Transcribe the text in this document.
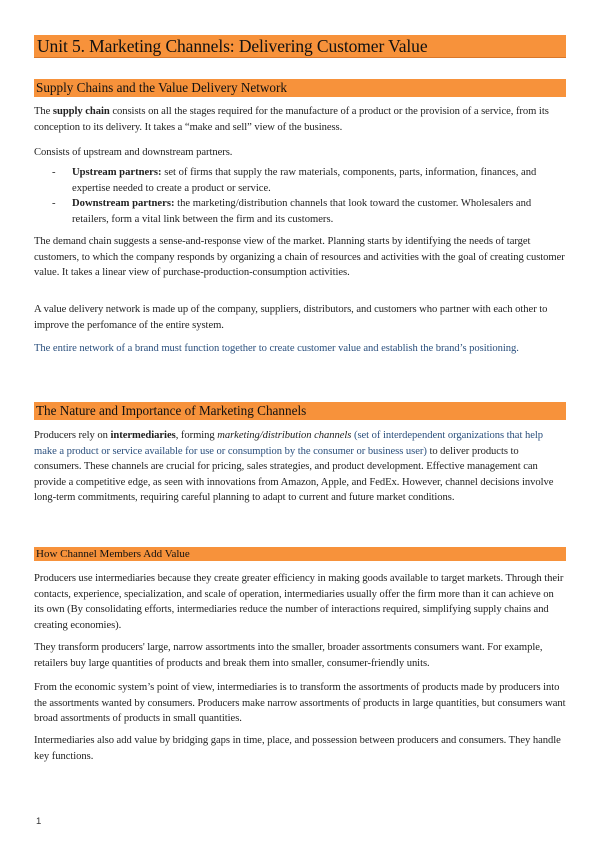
Unit 5. Marketing Channels: Delivering Customer Value
Supply Chains and the Value Delivery Network

The supply chain consists on all the stages required for the manufacture of a product or the provision of a service, from its conception to its delivery. It takes a “make and sell” view of the business.

Consists of upstream and downstream partners.

- Upstream partners: set of firms that supply the raw materials, components, parts, information, finances, and expertise needed to create a product or service.
- Downstream partners: the marketing/distribution channels that look toward the customer. Wholesalers and retailers, form a vital link between the firm and its customers.

The demand chain suggests a sense-and-response view of the market. Planning starts by identifying the needs of target customers, to which the company responds by organizing a chain of resources and activities with the goal of creating customer value. It takes a linear view of purchase-production-consumption activities.

A value delivery network is made up of the company, suppliers, distributors, and customers who partner with each other to improve the perfomance of the entire system.

The entire network of a brand must function together to create customer value and establish the brand’s positioning.

The Nature and Importance of Marketing Channels

Producers rely on intermediaries, forming marketing/distribution channels (set of interdependent organizations that help make a product or service available for use or consumption by the consumer or business user) to deliver products to consumers. These channels are crucial for pricing, sales strategies, and product development. Effective management can provide a competitive edge, as seen with innovations from Amazon, Apple, and FedEx. However, channel decisions involve long-term commitments, requiring careful planning to adapt to current and future market conditions.

How Channel Members Add Value

Producers use intermediaries because they create greater efficiency in making goods available to target markets. Through their contacts, experience, specialization, and scale of operation, intermediaries usually offer the firm more than it can achieve on its own (By consolidating efforts, intermediaries reduce the number of interactions required, simplifying supply chains and creating economies).

They transform producers' large, narrow assortments into the smaller, broader assortments consumers want. For example, retailers buy large quantities of products and break them into smaller, consumer-friendly units.

From the economic system’s point of view, intermediaries is to transform the assortments of products made by producers into the assortments wanted by consumers. Producers make narrow assortments of products in large quantities, but consumers want broad assortments of products in small quantities.

Intermediaries also add value by bridging gaps in time, place, and possession between producers and consumers. They handle key functions.

1
